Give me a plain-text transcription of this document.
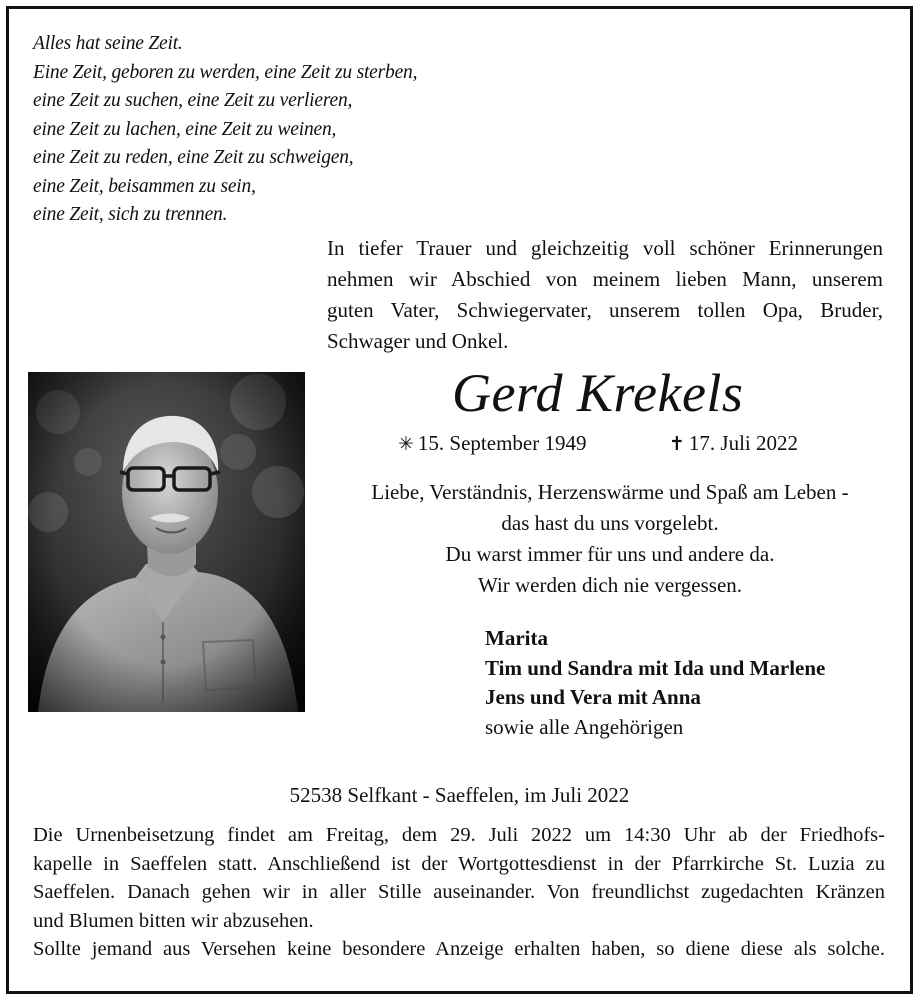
Alles hat seine Zeit.
Eine Zeit, geboren zu werden, eine Zeit zu sterben,
eine Zeit zu suchen, eine Zeit zu verlieren,
eine Zeit zu lachen, eine Zeit zu weinen,
eine Zeit zu reden, eine Zeit zu schweigen,
eine Zeit, beisammen zu sein,
eine Zeit, sich zu trennen.
In tiefer Trauer und gleichzeitig voll schöner Erinnerungen
nehmen wir Abschied von meinem lieben Mann, unserem
guten Vater, Schwiegervater, unserem tollen Opa, Bruder,
Schwager und Onkel.
Gerd Krekels
✳ 15. September 1949	✝ 17. Juli 2022
Liebe, Verständnis, Herzenswärme und Spaß am Leben -
das hast du uns vorgelebt.
Du warst immer für uns und andere da.
Wir werden dich nie vergessen.
Marita
Tim und Sandra mit Ida und Marlene
Jens und Vera mit Anna
sowie alle Angehörigen
52538 Selfkant - Saeffelen, im Juli 2022
Die Urnenbeisetzung findet am Freitag, dem 29. Juli 2022 um 14:30 Uhr ab der Friedhofs-
kapelle in Saeffelen statt. Anschließend ist der Wortgottesdienst in der Pfarrkirche St. Luzia zu
Saeffelen. Danach gehen wir in aller Stille auseinander. Von freundlichst zugedachten Kränzen
und Blumen bitten wir abzusehen.
Sollte jemand aus Versehen keine besondere Anzeige erhalten haben, so diene diese als solche.
